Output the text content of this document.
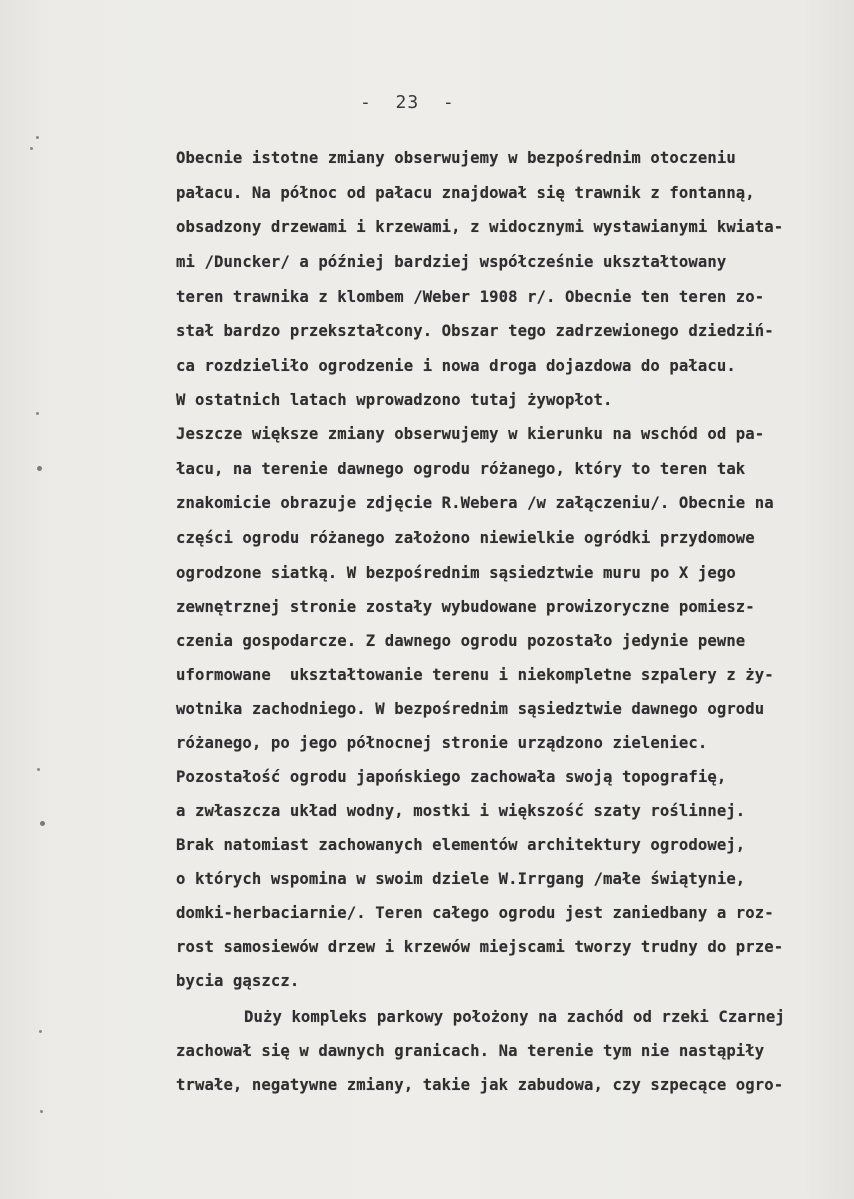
-  23  -
Obecnie istotne zmiany obserwujemy w bezpośrednim otoczeniu
pałacu. Na północ od pałacu znajdował się trawnik z fontanną,
obsadzony drzewami i krzewami, z widocznymi wystawianymi kwiata-
mi /Duncker/ a później bardziej współcześnie ukształtowany
teren trawnika z klombem /Weber 1908 r/. Obecnie ten teren zo-
stał bardzo przekształcony. Obszar tego zadrzewionego dziedziń-
ca rozdzieliło ogrodzenie i nowa droga dojazdowa do pałacu.
W ostatnich latach wprowadzono tutaj żywopłot.
Jeszcze większe zmiany obserwujemy w kierunku na wschód od pa-
łacu, na terenie dawnego ogrodu różanego, który to teren tak
znakomicie obrazuje zdjęcie R.Webera /w załączeniu/. Obecnie na
części ogrodu różanego założono niewielkie ogródki przydomowe
ogrodzone siatką. W bezpośrednim sąsiedztwie muru po X jego
zewnętrznej stronie zostały wybudowane prowizoryczne pomiesz-
czenia gospodarcze. Z dawnego ogrodu pozostało jedynie pewne
uformowane  ukształtowanie terenu i niekompletne szpalery z ży-
wotnika zachodniego. W bezpośrednim sąsiedztwie dawnego ogrodu
różanego, po jego północnej stronie urządzono zieleniec.
Pozostałość ogrodu japońskiego zachowała swoją topografię,
a zwłaszcza układ wodny, mostki i większość szaty roślinnej.
Brak natomiast zachowanych elementów architektury ogrodowej,
o których wspomina w swoim dziele W.Irrgang /małe świątynie,
domki-herbaciarnie/. Teren całego ogrodu jest zaniedbany a roz-
rost samosiewów drzew i krzewów miejscami tworzy trudny do prze-
bycia gąszcz.
Duży kompleks parkowy położony na zachód od rzeki Czarnej
zachował się w dawnych granicach. Na terenie tym nie nastąpiły
trwałe, negatywne zmiany, takie jak zabudowa, czy szpecące ogro-
